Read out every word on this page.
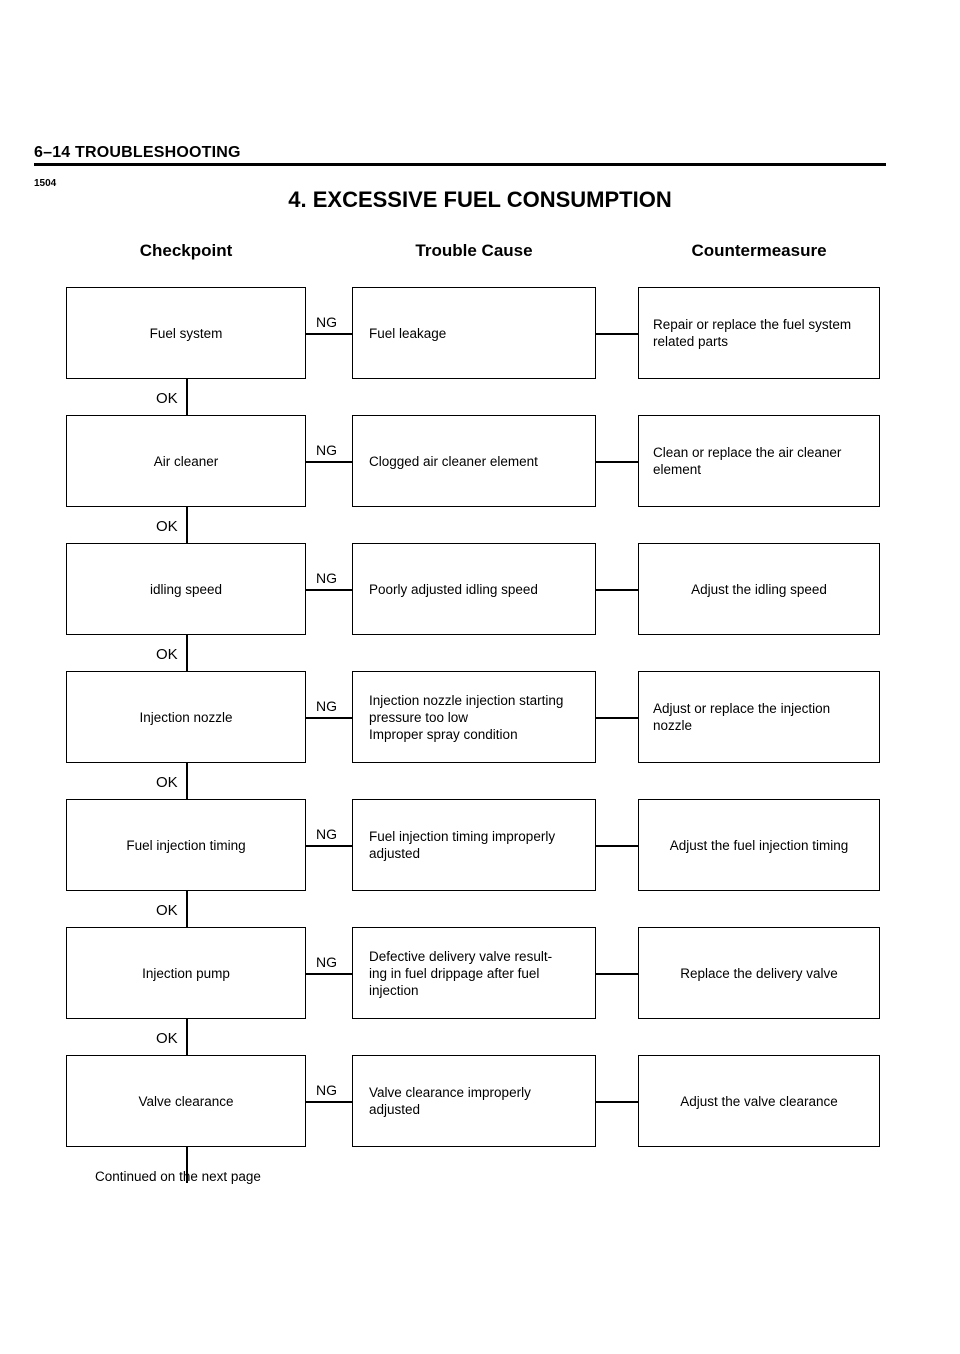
6–14 TROUBLESHOOTING
1504
4. EXCESSIVE FUEL CONSUMPTION
Checkpoint	Trouble Cause	Countermeasure
Fuel system
NG
Fuel leakage
Repair or replace the fuel system
related parts
OK
Air cleaner
NG
Clogged air cleaner element
Clean or replace the air cleaner
element
OK
idling speed
NG
Poorly adjusted idling speed	Adjust the idling speed
OK
Injection nozzle
NG	Injection nozzle injection starting
pressure too low
Improper spray condition
Adjust or replace the injection
nozzle
OK
Fuel injection timing
NG	Fuel injection timing improperly
adjusted
Adjust the fuel injection timing
OK
Injection pump
NG	Defective delivery valve result-
ing in fuel drippage after fuel
injection
Replace the delivery valve
OK
Valve clearance
NG	Valve clearance improperly
adjusted
Adjust the valve clearance
Continued on the next page
